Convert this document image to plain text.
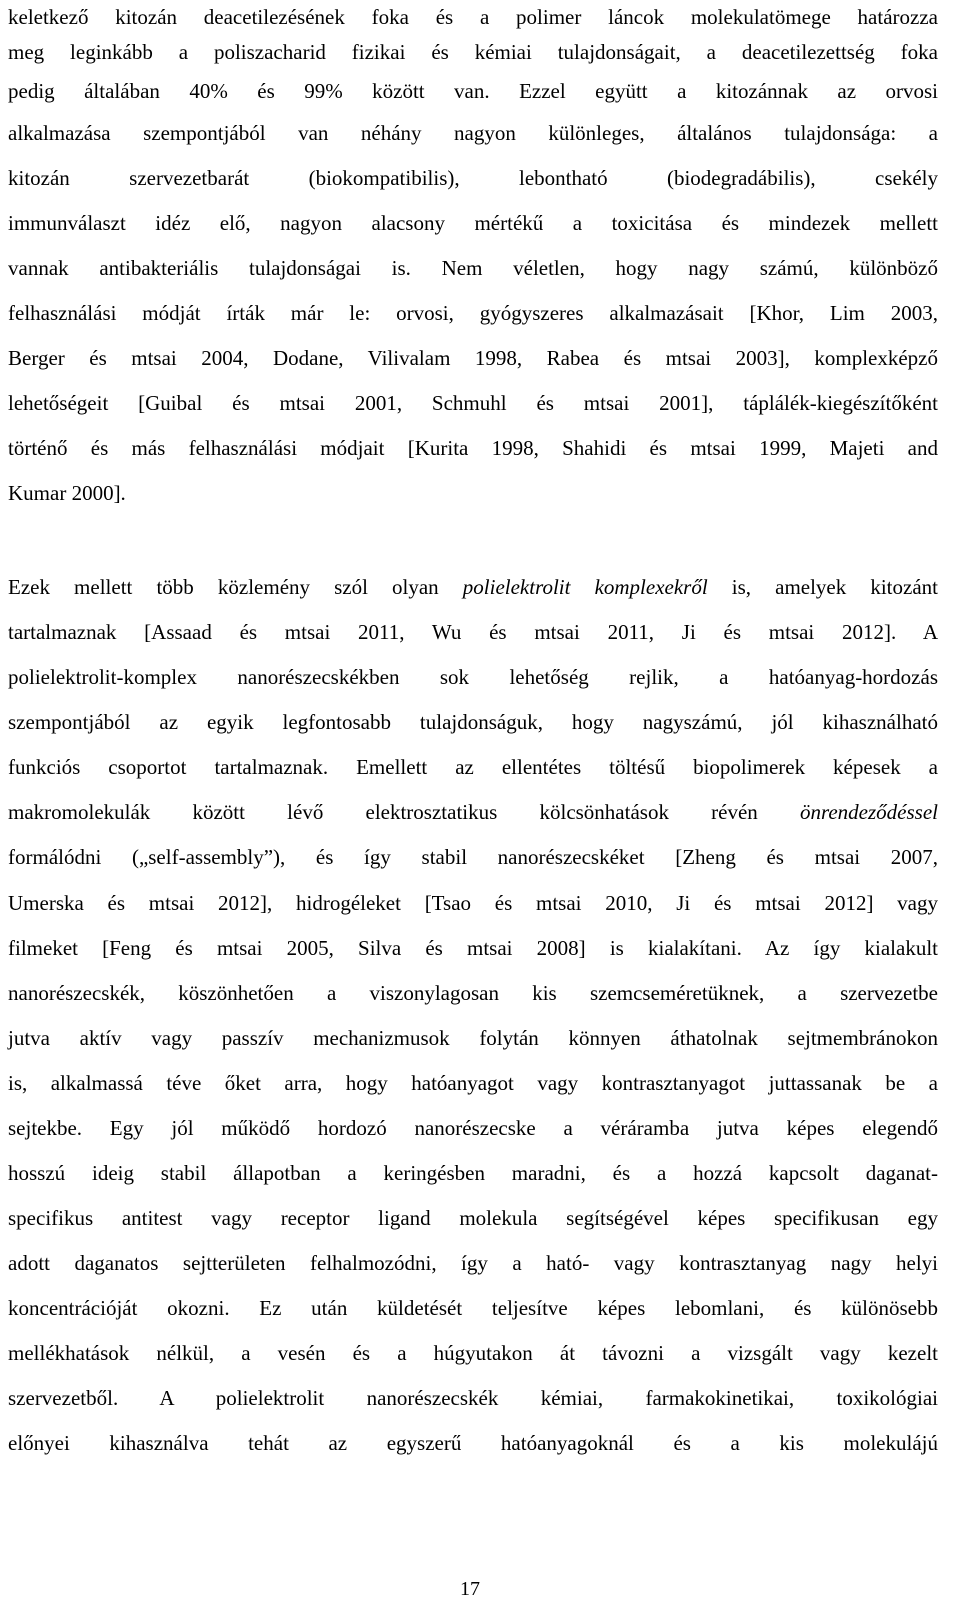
keletkező kitozán deacetilezésének foka és a polimer láncok molekulatömege határozza
meg leginkább a poliszacharid fizikai és kémiai tulajdonságait, a deacetilezettség foka
pedig általában 40% és 99% között van. Ezzel együtt a kitozánnak az orvosi
alkalmazása szempontjából van néhány nagyon különleges, általános tulajdonsága: a
kitozán szervezetbarát (biokompatibilis), lebontható (biodegradábilis), csekély
immunválaszt idéz elő, nagyon alacsony mértékű a toxicitása és mindezek mellett
vannak antibakteriális tulajdonságai is. Nem véletlen, hogy nagy számú, különböző
felhasználási módját írták már le: orvosi, gyógyszeres alkalmazásait [Khor, Lim 2003,
Berger és mtsai 2004, Dodane, Vilivalam 1998, Rabea és mtsai 2003], komplexképző
lehetőségeit [Guibal és mtsai 2001, Schmuhl és mtsai 2001], táplálék-kiegészítőként
történő és más felhasználási módjait [Kurita 1998, Shahidi és mtsai 1999, Majeti and
Kumar 2000].
Ezek mellett több közlemény szól olyan polielektrolit komplexekről is, amelyek kitozánt
tartalmaznak [Assaad és mtsai 2011, Wu és mtsai 2011, Ji és mtsai 2012]. A
polielektrolit-komplex nanorészecskékben sok lehetőség rejlik, a hatóanyag-hordozás
szempontjából az egyik legfontosabb tulajdonságuk, hogy nagyszámú, jól kihasználható
funkciós csoportot tartalmaznak. Emellett az ellentétes töltésű biopolimerek képesek a
makromolekulák között lévő elektrosztatikus kölcsönhatások révén önrendeződéssel
formálódni („self-assembly”), és így stabil nanorészecskéket [Zheng és mtsai 2007,
Umerska és mtsai 2012], hidrogéleket [Tsao és mtsai 2010, Ji és mtsai 2012] vagy
filmeket [Feng és mtsai 2005, Silva és mtsai 2008] is kialakítani. Az így kialakult
nanorészecskék, köszönhetően a viszonylagosan kis szemcseméretüknek, a szervezetbe
jutva aktív vagy passzív mechanizmusok folytán könnyen áthatolnak sejtmembránokon
is, alkalmassá téve őket arra, hogy hatóanyagot vagy kontrasztanyagot juttassanak be a
sejtekbe. Egy jól működő hordozó nanorészecske a véráramba jutva képes elegendő
hosszú ideig stabil állapotban a keringésben maradni, és a hozzá kapcsolt daganat-
specifikus antitest vagy receptor ligand molekula segítségével képes specifikusan egy
adott daganatos sejtterületen felhalmozódni, így a ható- vagy kontrasztanyag nagy helyi
koncentrációját okozni. Ez után küldetését teljesítve képes lebomlani, és különösebb
mellékhatások nélkül, a vesén és a húgyutakon át távozni a vizsgált vagy kezelt
szervezetből. A polielektrolit nanorészecskék kémiai, farmakokinetikai, toxikológiai
előnyei kihasználva tehát az egyszerű hatóanyagoknál és a kis molekulájú
17
